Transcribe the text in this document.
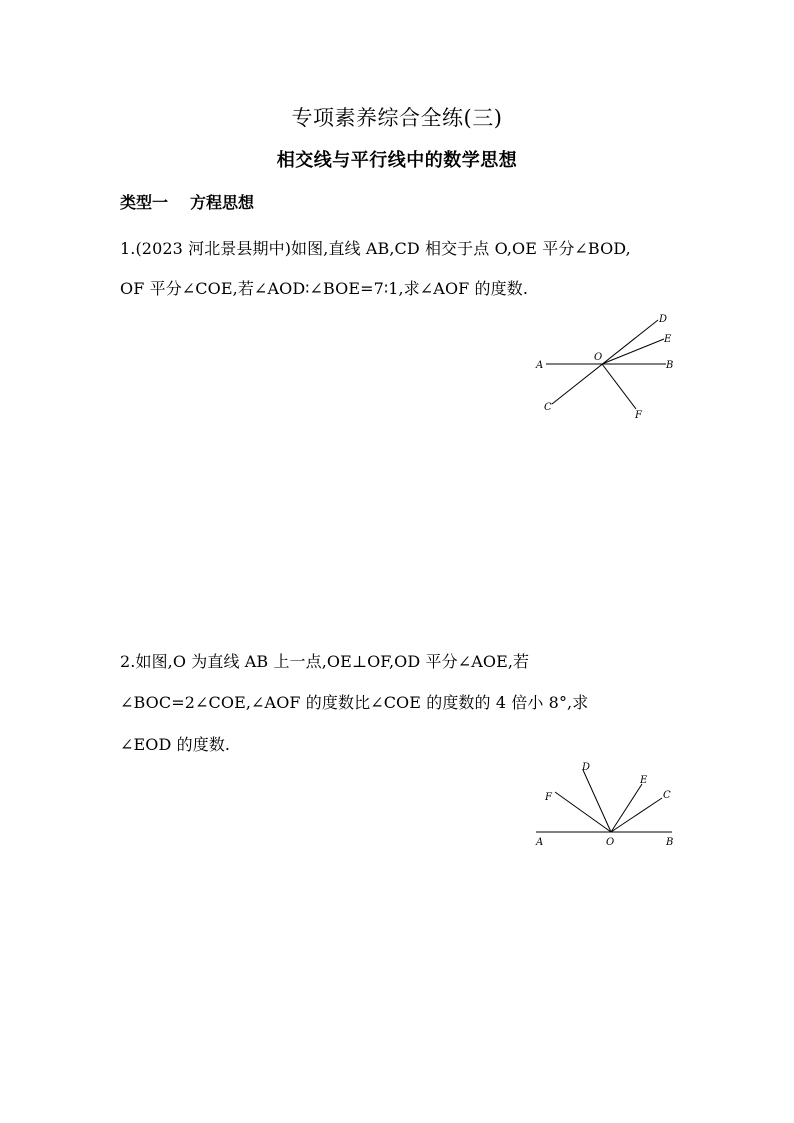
专项素养综合全练(三)
相交线与平行线中的数学思想
类型一 方程思想
1.(2023 河北景县期中)如图,直线 AB,CD 相交于点 O,OE 平分∠BOD,
OF 平分∠COE,若∠AOD∶∠BOE=7∶1,求∠AOF 的度数.
A	B
C
D
E
F
O
2.如图,O 为直线 AB 上一点,OE⊥OF,OD 平分∠AOE,若
∠BOC=2∠COE,∠AOF 的度数比∠COE 的度数的 4 倍小 8°,求
∠EOD 的度数.
A	B
C
D
E
F
O
